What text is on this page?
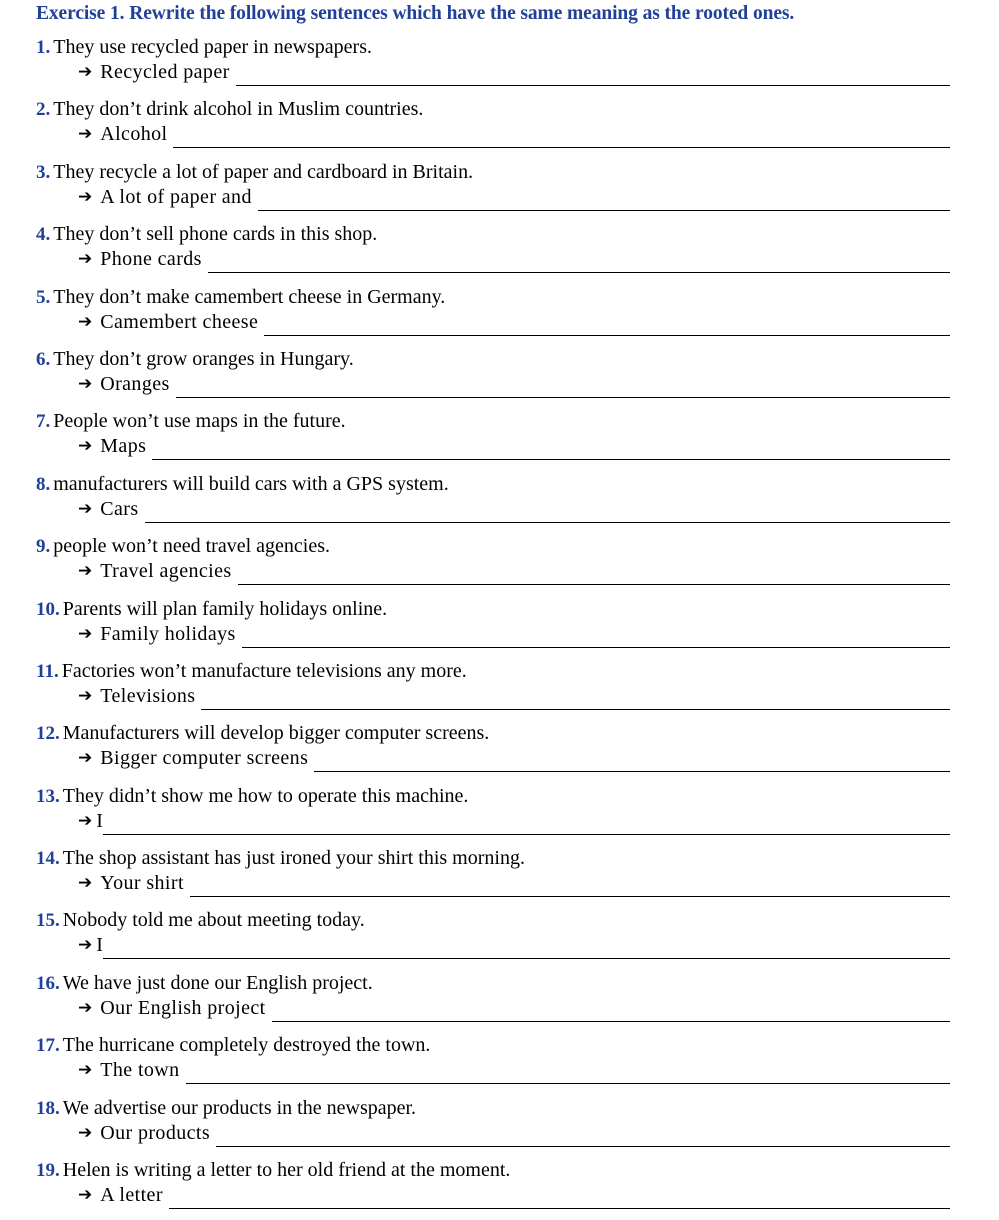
Exercise 1. Rewrite the following sentences which have the same meaning as the rooted ones.
1. They use recycled paper in newspapers.
➔ Recycled paper
2. They don’t drink alcohol in Muslim countries.
➔ Alcohol
3. They recycle a lot of paper and cardboard in Britain.
➔ A lot of paper and
4. They don’t sell phone cards in this shop.
➔ Phone cards
5. They don’t make camembert cheese in Germany.
➔ Camembert cheese
6. They don’t grow oranges in Hungary.
➔ Oranges
7. People won’t use maps in the future.
➔ Maps
8. manufacturers will build cars with a GPS system.
➔ Cars
9. people won’t need travel agencies.
➔ Travel agencies
10. Parents will plan family holidays online.
➔ Family holidays
11. Factories won’t manufacture televisions any more.
➔ Televisions
12. Manufacturers will develop bigger computer screens.
➔ Bigger computer screens
13. They didn’t show me how to operate this machine.
➔ I
14. The shop assistant has just ironed your shirt this morning.
➔ Your shirt
15. Nobody told me about meeting today.
➔ I
16. We have just done our English project.
➔ Our English project
17. The hurricane completely destroyed the town.
➔ The town
18. We advertise our products in the newspaper.
➔ Our products
19. Helen is writing a letter to her old friend at the moment.
➔ A letter
